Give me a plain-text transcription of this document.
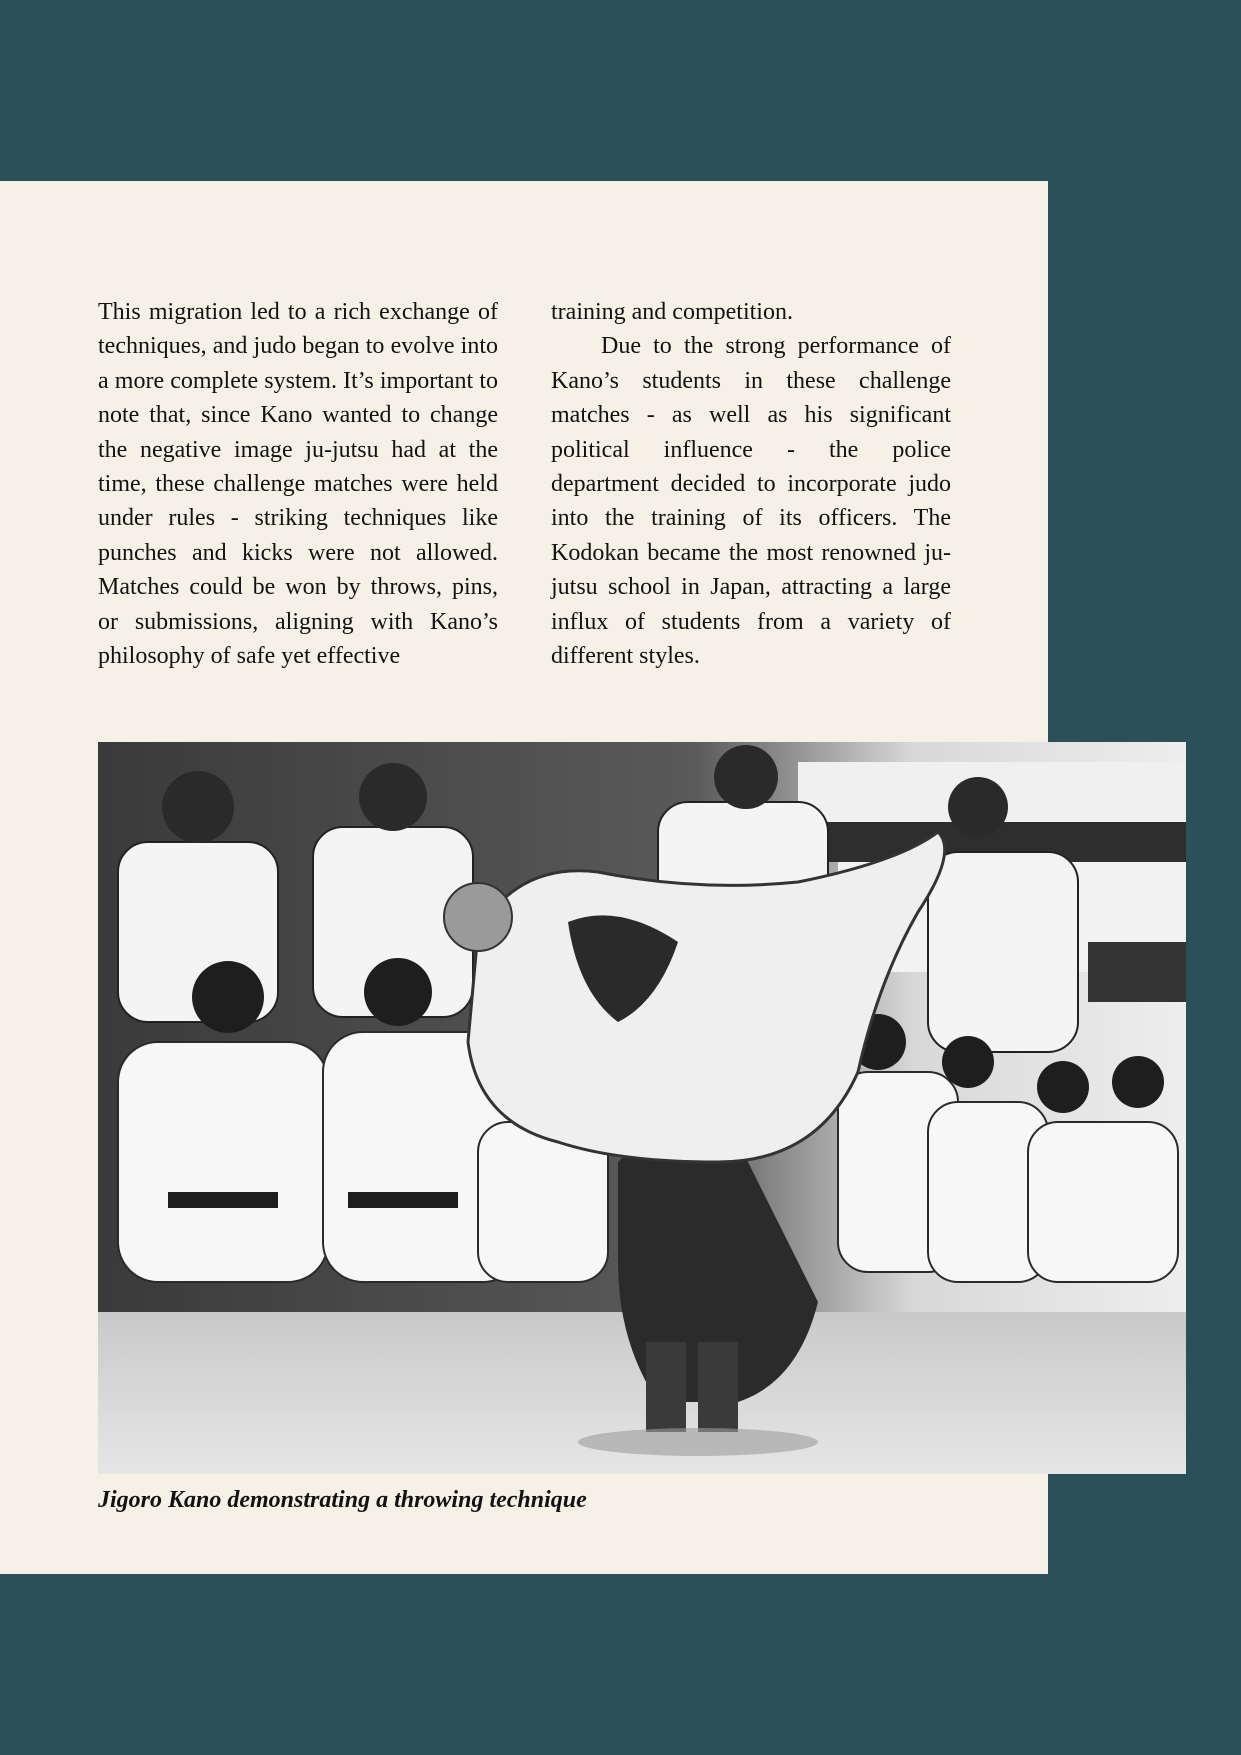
This migration led to a rich exchange of techniques, and judo began to evolve into a more complete system. It’s important to note that, since Kano wanted to change the negative image ju-jutsu had at the time, these challenge matches were held under rules - striking techniques like punches and kicks were not allowed. Matches could be won by throws, pins, or submissions, aligning with Kano’s philosophy of safe yet effective

training and competition.

Due to the strong performance of Kano’s students in these challenge matches - as well as his significant political influence - the police department decided to incorporate judo into the training of its officers. The Kodokan became the most renowned ju-jutsu school in Japan, attracting a large influx of students from a variety of different styles.

Jigoro Kano demonstrating a throwing technique
